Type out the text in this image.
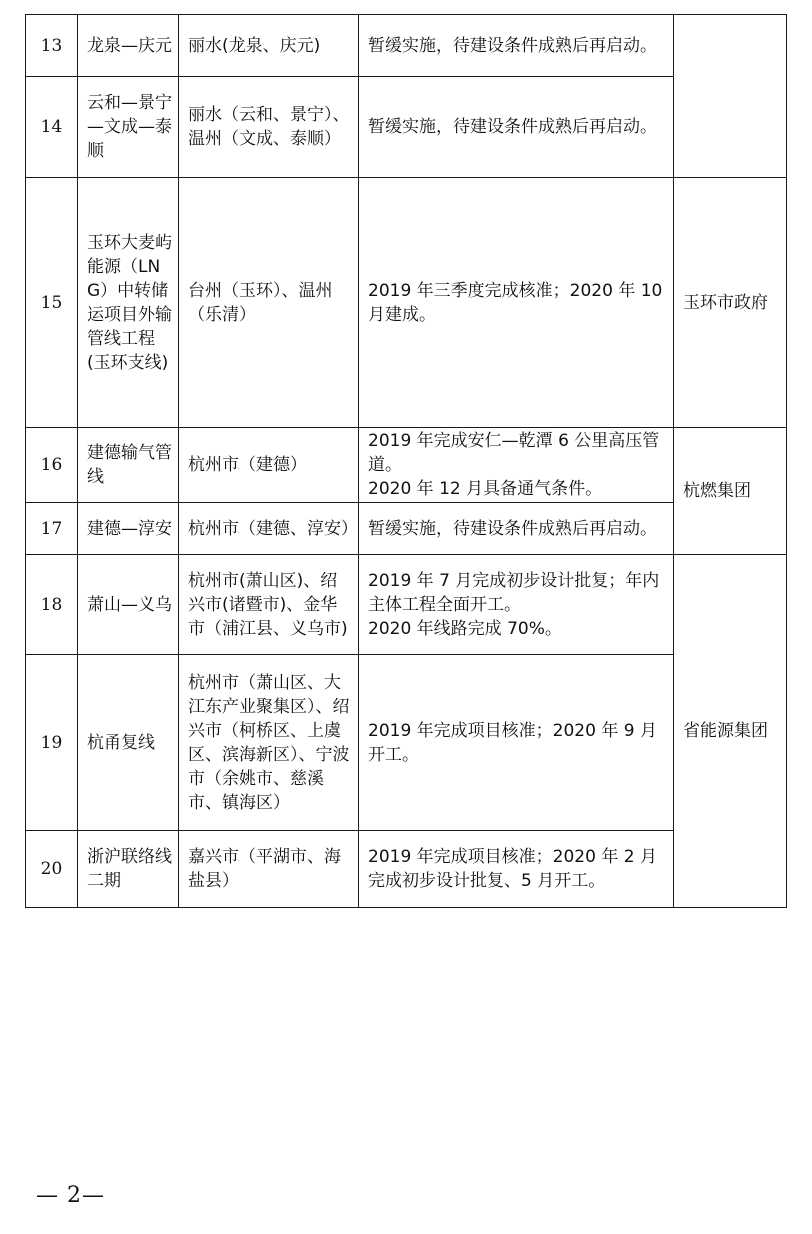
13	龙泉—庆元	丽水(龙泉、庆元)	暂缓实施，待建设条件成熟后再启动。	
14	云和—景宁—文成—泰顺	丽水（云和、景宁）、温州（文成、泰顺）	暂缓实施，待建设条件成熟后再启动。	
15	玉环大麦屿能源（LNG）中转储运项目外输管线工程(玉环支线)	台州（玉环）、温州（乐清）	2019 年三季度完成核准；2020 年 10 月建成。	玉环市政府
16	建德输气管线	杭州市（建德）	2019 年完成安仁—乾潭 6 公里高压管道。
2020 年 12 月具备通气条件。	杭燃集团
17	建德—淳安	杭州市（建德、淳安）	暂缓实施，待建设条件成熟后再启动。	
18	萧山—义乌	杭州市(萧山区)、绍兴市(诸暨市)、金华市（浦江县、义乌市)	2019 年 7 月完成初步设计批复；年内主体工程全面开工。
2020 年线路完成 70%。	省能源集团
19	杭甬复线	杭州市（萧山区、大江东产业聚集区）、绍兴市（柯桥区、上虞区、滨海新区）、宁波市（余姚市、慈溪市、镇海区）	2019 年完成项目核准；2020 年 9 月开工。	
20	浙沪联络线二期	嘉兴市（平湖市、海盐县）	2019 年完成项目核准；2020 年 2 月完成初步设计批复、5 月开工。	
— 2—
